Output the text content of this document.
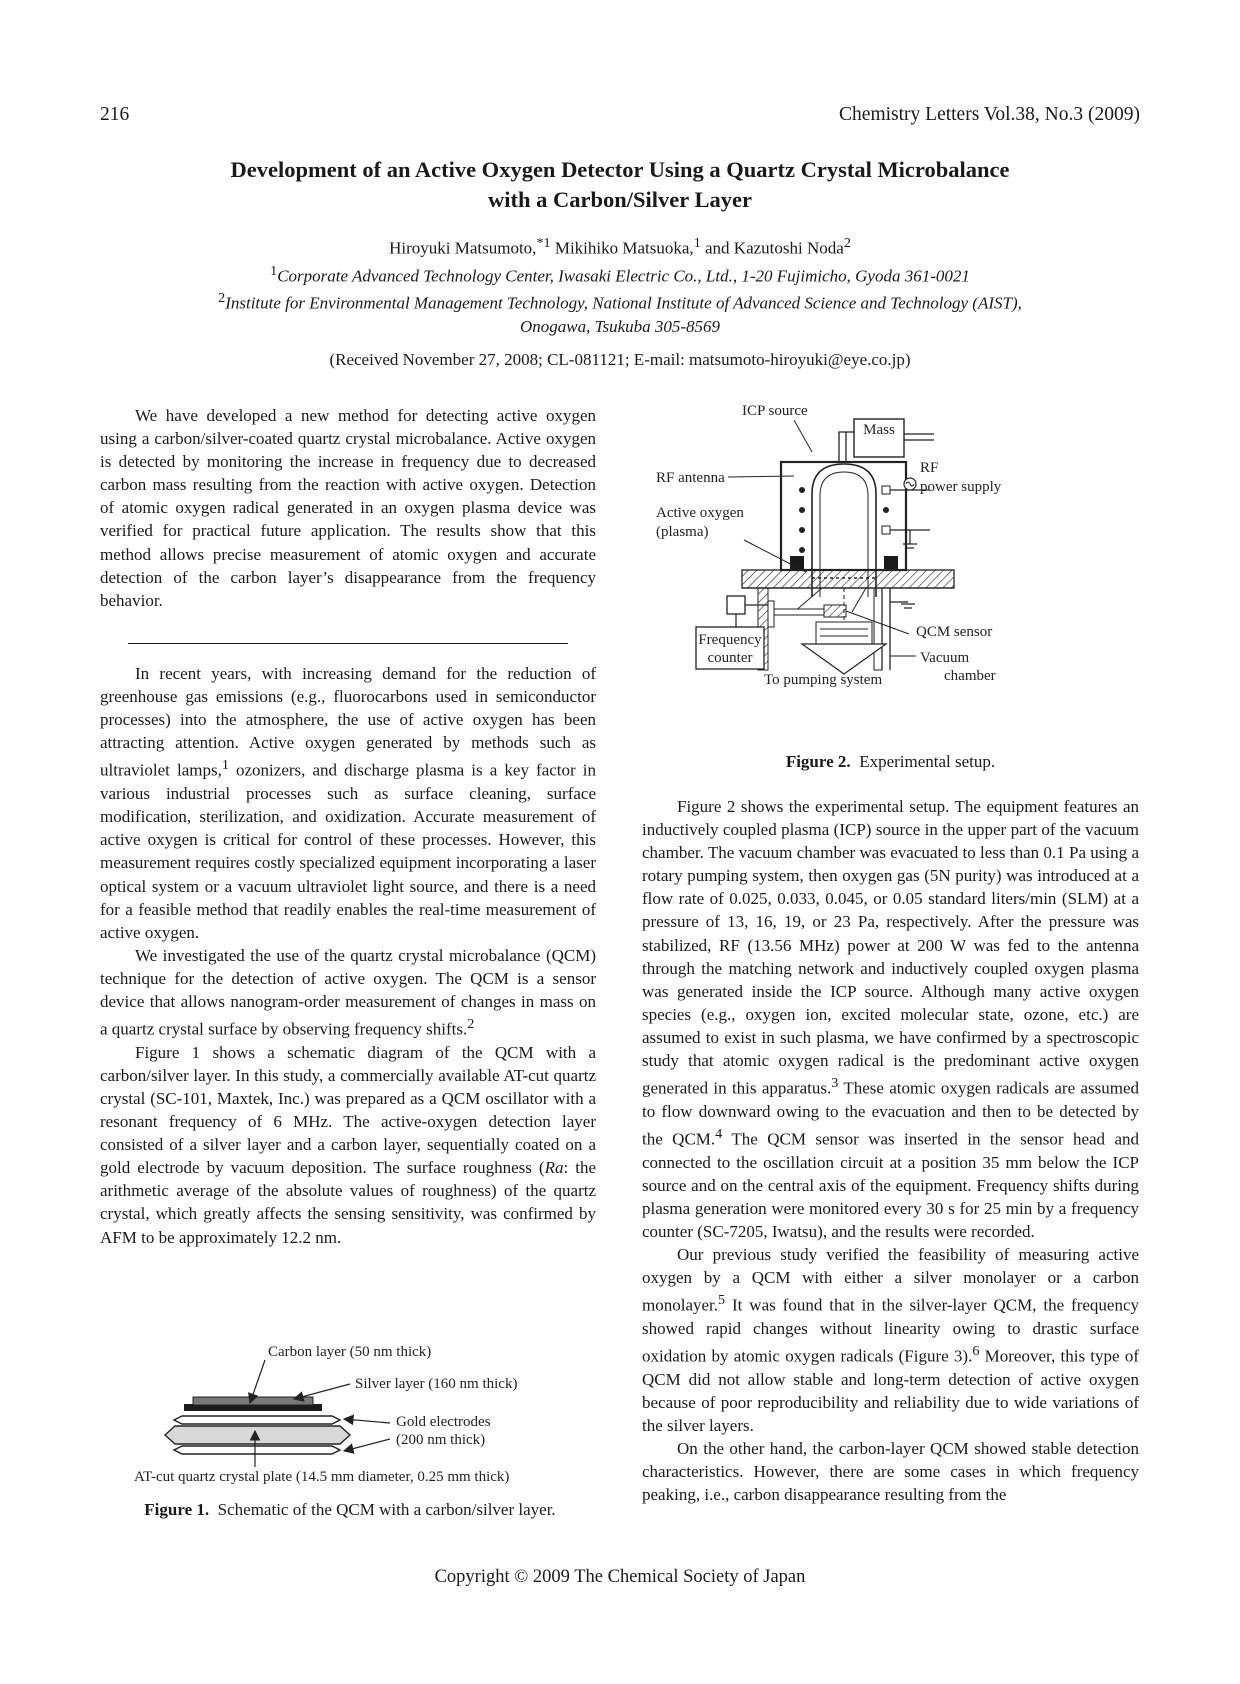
216	Chemistry Letters Vol.38, No.3 (2009)
Development of an Active Oxygen Detector Using a Quartz Crystal Microbalance
with a Carbon/Silver Layer
Hiroyuki Matsumoto,$^{*1}$ Mikihiko Matsuoka,$^1$ and Kazutoshi Noda$^2$
$^1$Corporate Advanced Technology Center, Iwasaki Electric Co., Ltd., 1-20 Fujimicho, Gyoda 361-0021
$^2$Institute for Environmental Management Technology, National Institute of Advanced Science and Technology (AIST),
Onogawa, Tsukuba 305-8569
(Received November 27, 2008; CL-081121; E-mail: matsumoto-hiroyuki@eye.co.jp)

We have developed a new method for detecting active oxygen using a carbon/silver-coated quartz crystal microbalance. Active oxygen is detected by monitoring the increase in frequency due to decreased carbon mass resulting from the reaction with active oxygen. Detection of atomic oxygen radical generated in an oxygen plasma device was verified for practical future application. The results show that this method allows precise measurement of atomic oxygen and accurate detection of the carbon layer’s disappearance from the frequency behavior.

In recent years, with increasing demand for the reduction of greenhouse gas emissions (e.g., fluorocarbons used in semiconductor processes) into the atmosphere, the use of active oxygen has been attracting attention. Active oxygen generated by methods such as ultraviolet lamps,$^1$ ozonizers, and discharge plasma is a key factor in various industrial processes such as surface cleaning, surface modification, sterilization, and oxidization. Accurate measurement of active oxygen is critical for control of these processes. However, this measurement requires costly specialized equipment incorporating a laser optical system or a vacuum ultraviolet light source, and there is a need for a feasible method that readily enables the real-time measurement of active oxygen.

We investigated the use of the quartz crystal microbalance (QCM) technique for the detection of active oxygen. The QCM is a sensor device that allows nanogram-order measurement of changes in mass on a quartz crystal surface by observing frequency shifts.$^2$

Figure 1 shows a schematic diagram of the QCM with a carbon/silver layer. In this study, a commercially available AT-cut quartz crystal (SC-101, Maxtek, Inc.) was prepared as a QCM oscillator with a resonant frequency of 6 MHz. The active-oxygen detection layer consisted of a silver layer and a carbon layer, sequentially coated on a gold electrode by vacuum deposition. The surface roughness (Ra: the arithmetic average of the absolute values of roughness) of the quartz crystal, which greatly affects the sensing sensitivity, was confirmed by AFM to be approximately 12.2 nm.

Carbon layer (50 nm thick)
Silver layer (160 nm thick)
Gold electrodes
(200 nm thick)
AT-cut quartz crystal plate (14.5 mm diameter, 0.25 mm thick)
Figure 1. Schematic of the QCM with a carbon/silver layer.
Mass
Frequency
counter
ICP source
RF antenna
RF
power supply
Active oxygen
(plasma)
QCM sensor
Vacuum
chamber
To pumping system
Figure 2. Experimental setup.

Figure 2 shows the experimental setup. The equipment features an inductively coupled plasma (ICP) source in the upper part of the vacuum chamber. The vacuum chamber was evacuated to less than 0.1 Pa using a rotary pumping system, then oxygen gas (5N purity) was introduced at a flow rate of 0.025, 0.033, 0.045, or 0.05 standard liters/min (SLM) at a pressure of 13, 16, 19, or 23 Pa, respectively. After the pressure was stabilized, RF (13.56 MHz) power at 200 W was fed to the antenna through the matching network and inductively coupled oxygen plasma was generated inside the ICP source. Although many active oxygen species (e.g., oxygen ion, excited molecular state, ozone, etc.) are assumed to exist in such plasma, we have confirmed by a spectroscopic study that atomic oxygen radical is the predominant active oxygen generated in this apparatus.$^3$ These atomic oxygen radicals are assumed to flow downward owing to the evacuation and then to be detected by the QCM.$^4$ The QCM sensor was inserted in the sensor head and connected to the oscillation circuit at a position 35 mm below the ICP source and on the central axis of the equipment. Frequency shifts during plasma generation were monitored every 30 s for 25 min by a frequency counter (SC-7205, Iwatsu), and the results were recorded.

Our previous study verified the feasibility of measuring active oxygen by a QCM with either a silver monolayer or a carbon monolayer.$^5$ It was found that in the silver-layer QCM, the frequency showed rapid changes without linearity owing to drastic surface oxidation by atomic oxygen radicals (Figure 3).$^6$ Moreover, this type of QCM did not allow stable and long-term detection of active oxygen because of poor reproducibility and reliability due to wide variations of the silver layers.

On the other hand, the carbon-layer QCM showed stable detection characteristics. However, there are some cases in which frequency peaking, i.e., carbon disappearance resulting from the

Copyright © 2009 The Chemical Society of Japan
